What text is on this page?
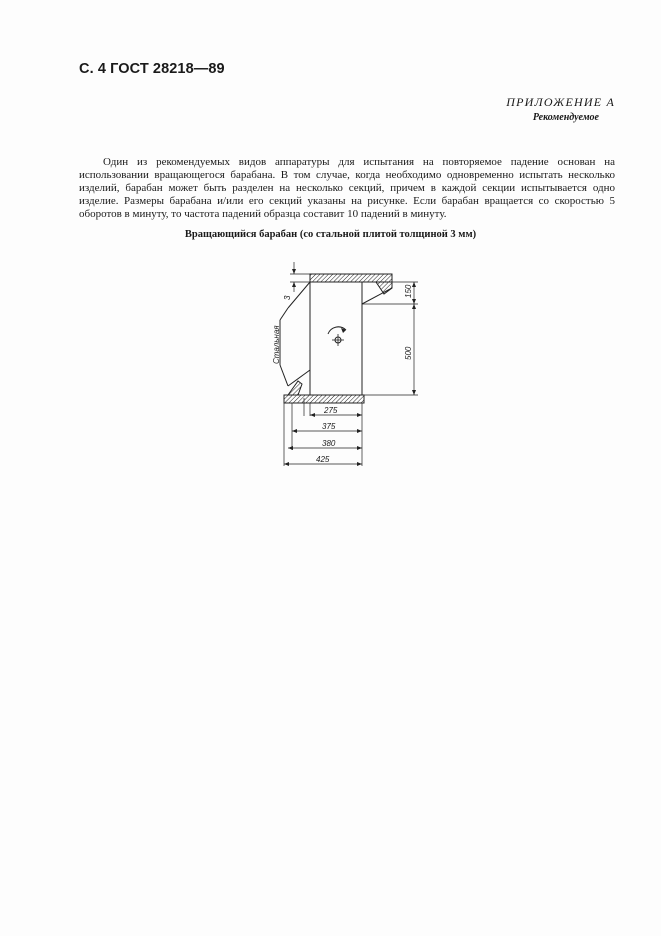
С. 4 ГОСТ 28218—89
ПРИЛОЖЕНИЕ А
Рекомендуемое

Один из рекомендуемых видов аппаратуры для испытания на повторяемое падение основан на использовании вращающегося барабана. В том случае, когда необходимо одновременно испытать несколько изделий, барабан может быть разделен на несколько секций, причем в каждой секции испытывается одно изделие. Размеры барабана и/или его секций указаны на рисунке. Если барабан вращается со скоростью 5 оборотов в минуту, то частота падений образца составит 10 падений в минуту.

Вращающийся барабан (со стальной плитой толщиной 3 мм)
Стальная
3	150
500
275
375
380
425
